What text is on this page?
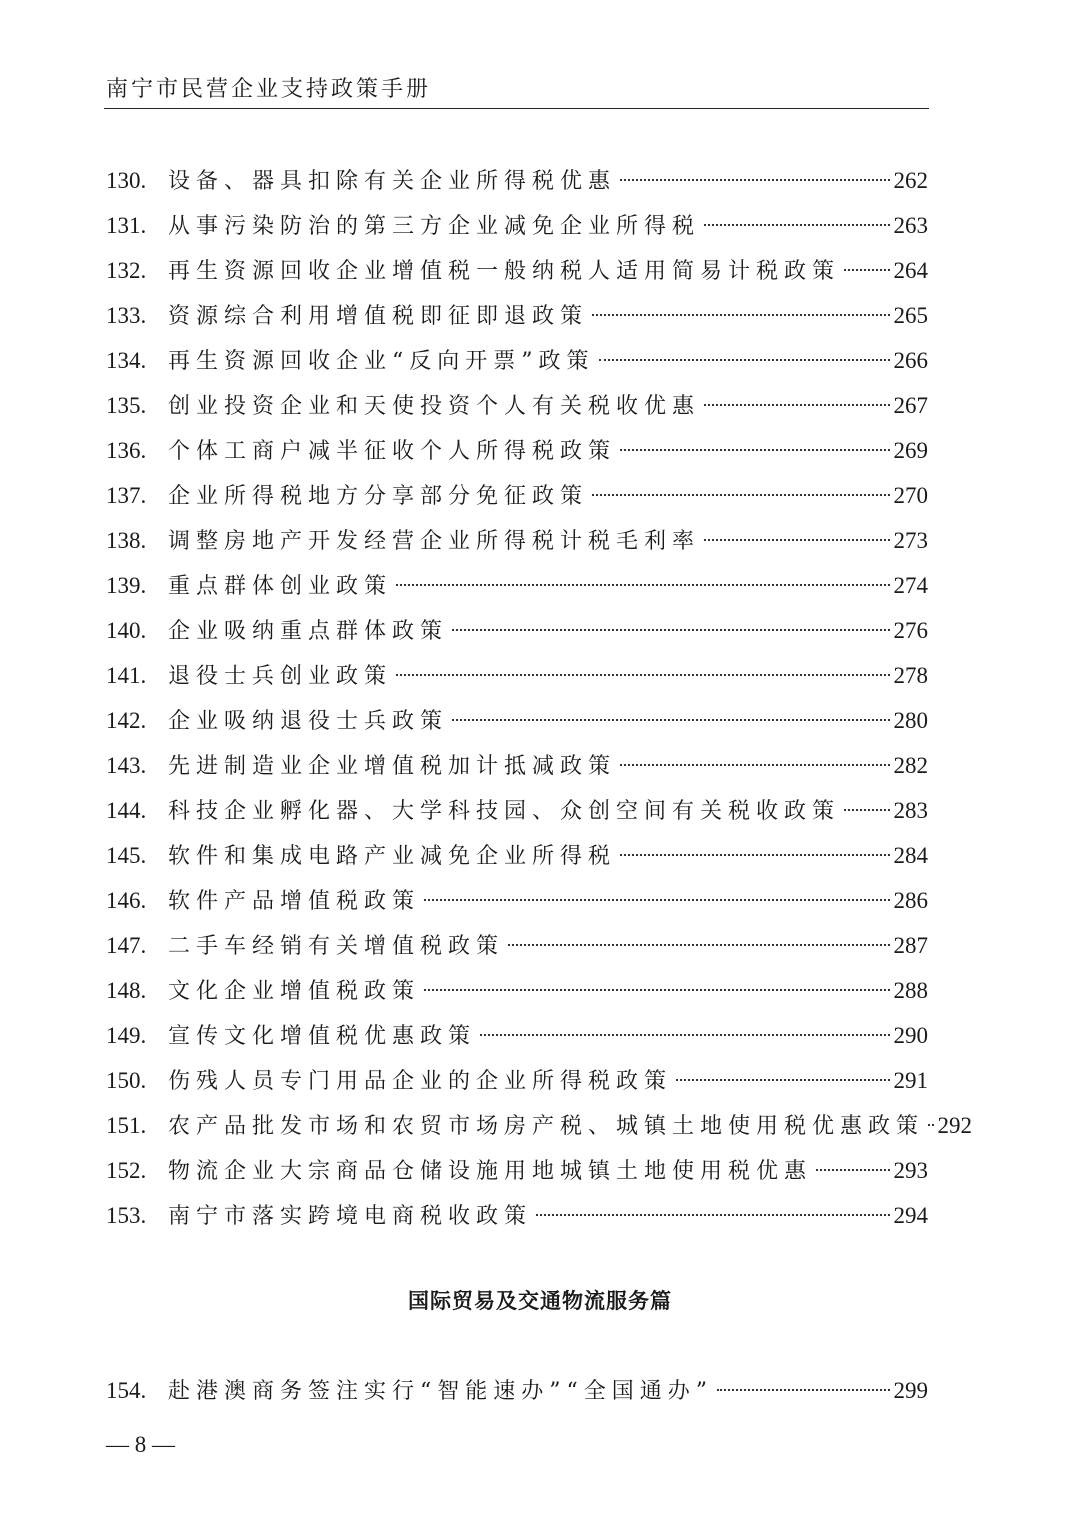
南宁市民营企业支持政策手册
130. 设备、器具扣除有关企业所得税优惠	262
131. 从事污染防治的第三方企业减免企业所得税	263
132. 再生资源回收企业增值税一般纳税人适用简易计税政策 264
133. 资源综合利用增值税即征即退政策	265
134. 再生资源回收企业“反向开票”政策	266
135. 创业投资企业和天使投资个人有关税收优惠	267
136. 个体工商户减半征收个人所得税政策	269
137. 企业所得税地方分享部分免征政策	270
138. 调整房地产开发经营企业所得税计税毛利率	273
139. 重点群体创业政策	274
140. 企业吸纳重点群体政策	276
141. 退役士兵创业政策	278
142. 企业吸纳退役士兵政策	280
143. 先进制造业企业增值税加计抵减政策	282
144. 科技企业孵化器、大学科技园、众创空间有关税收政策 283
145. 软件和集成电路产业减免企业所得税	284
146. 软件产品增值税政策	286
147. 二手车经销有关增值税政策	287
148. 文化企业增值税政策	288
149. 宣传文化增值税优惠政策	290
150. 伤残人员专门用品企业的企业所得税政策	291
151. 农产品批发市场和农贸市场房产税、城镇土地使用税优惠政策 292
152. 物流企业大宗商品仓储设施用地城镇土地使用税优惠	293
153. 南宁市落实跨境电商税收政策	294
国际贸易及交通物流服务篇
154. 赴港澳商务签注实行“智能速办”“全国通办”	299
— 8 —
